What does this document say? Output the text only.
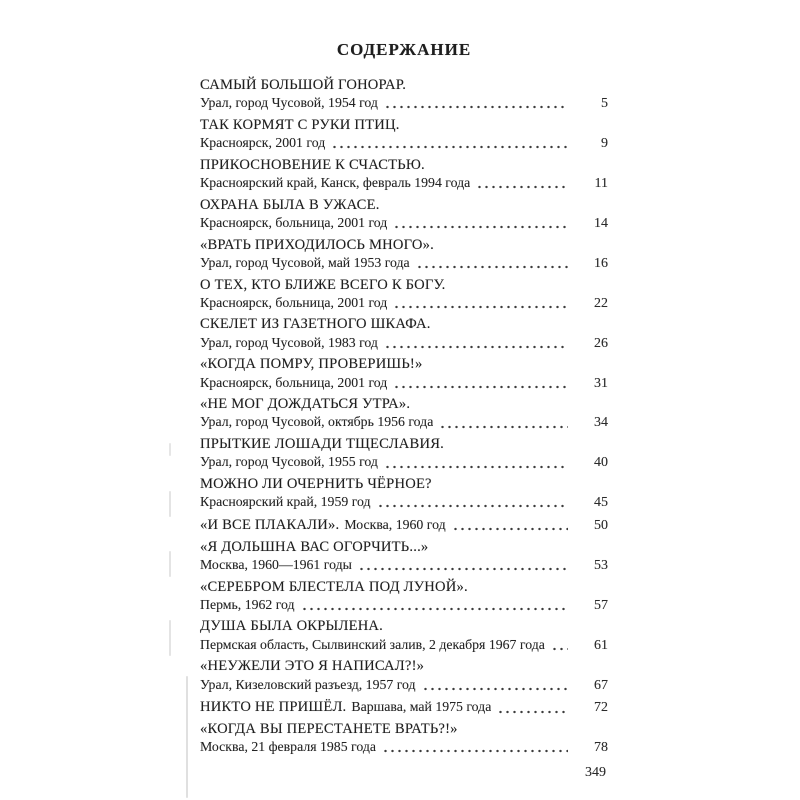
СОДЕРЖАНИЕ
САМЫЙ БОЛЬШОЙ ГОНОРАР.
Урал, город Чусовой, 1954 год	5
ТАК КОРМЯТ С РУКИ ПТИЦ.
Красноярск, 2001 год	9
ПРИКОСНОВЕНИЕ К СЧАСТЬЮ.
Красноярский край, Канск, февраль 1994 года	11
ОХРАНА БЫЛА В УЖАСЕ.
Красноярск, больница, 2001 год	14
«ВРАТЬ ПРИХОДИЛОСЬ МНОГО».
Урал, город Чусовой, май 1953 года	16
О ТЕХ, КТО БЛИЖЕ ВСЕГО К БОГУ.
Красноярск, больница, 2001 год	22
СКЕЛЕТ ИЗ ГАЗЕТНОГО ШКАФА.
Урал, город Чусовой, 1983 год	26
«КОГДА ПОМРУ, ПРОВЕРИШЬ!»
Красноярск, больница, 2001 год	31
«НЕ МОГ ДОЖДАТЬСЯ УТРА».
Урал, город Чусовой, октябрь 1956 года	34
ПРЫТКИЕ ЛОШАДИ ТЩЕСЛАВИЯ.
Урал, город Чусовой, 1955 год	40
МОЖНО ЛИ ОЧЕРНИТЬ ЧЁРНОЕ?
Красноярский край, 1959 год	45
«И ВСЕ ПЛАКАЛИ». Москва, 1960 год	50
«Я ДОЛЬШНА ВАС ОГОРЧИТЬ...»
Москва, 1960—1961 годы	53
«СЕРЕБРОМ БЛЕСТЕЛА ПОД ЛУНОЙ».
Пермь, 1962 год	57
ДУША БЫЛА ОКРЫЛЕНА.
Пермская область, Сылвинский залив, 2 декабря 1967 года	61
«НЕУЖЕЛИ ЭТО Я НАПИСАЛ?!»
Урал, Кизеловский разъезд, 1957 год	67
НИКТО НЕ ПРИШЁЛ. Варшава, май 1975 года	72
«КОГДА ВЫ ПЕРЕСТАНЕТЕ ВРАТЬ?!»
Москва, 21 февраля 1985 года	78
349
